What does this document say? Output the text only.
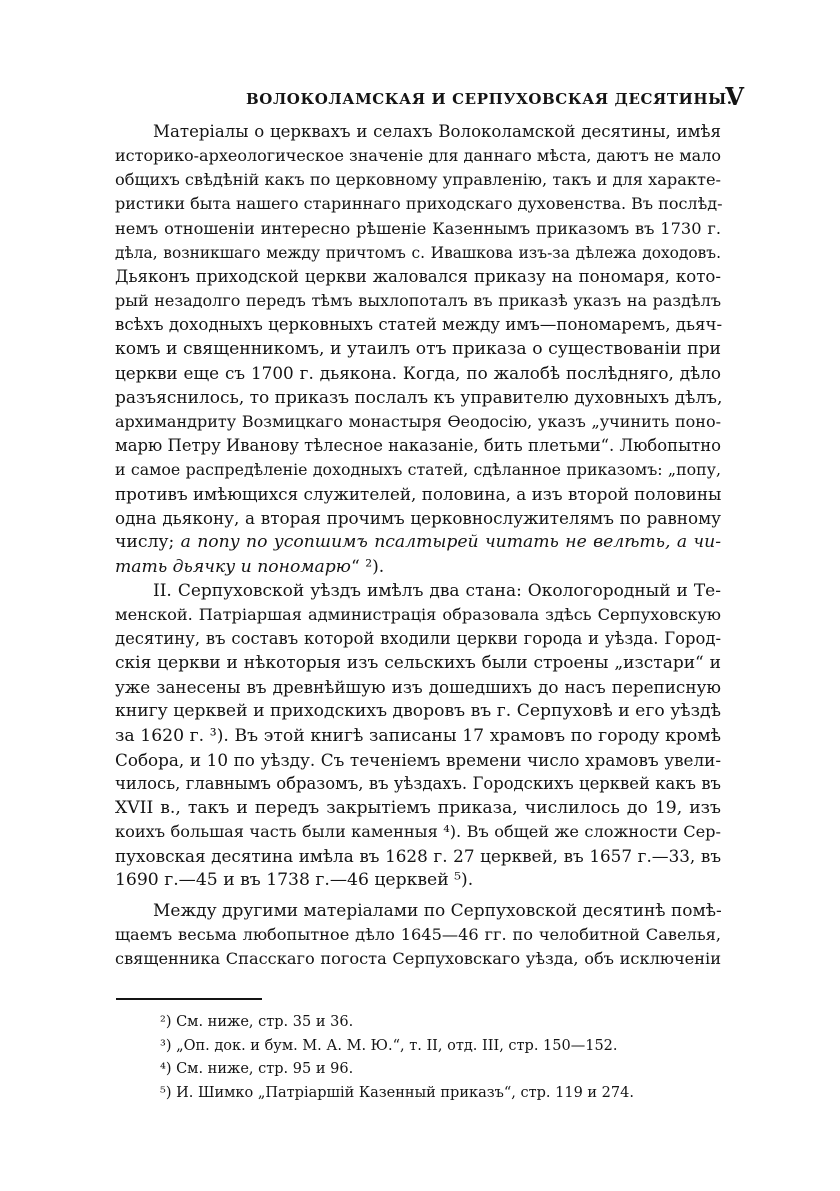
ВОЛОКОЛАМСКАЯ И СЕРПУХОВСКАЯ ДЕСЯТИНЫ.
V
Матеріалы о церквахъ и селахъ Волоколамской десятины, имѣя
историко-археологическое значеніе для даннаго мѣста, даютъ не мало
общихъ свѣдѣній какъ по церковному управленію, такъ и для характе-
ристики быта нашего стариннаго приходскаго духовенства. Въ послѣд-
немъ отношеніи интересно рѣшеніе Казеннымъ приказомъ въ 1730 г.
дѣла, возникшаго между причтомъ с. Ивашкова изъ-за дѣлежа доходовъ.
Дьяконъ приходской церкви жаловался приказу на пономаря, кото-
рый незадолго передъ тѣмъ выхлопоталъ въ приказѣ указъ на раздѣлъ
всѣхъ доходныхъ церковныхъ статей между имъ—пономаремъ, дьяч-
комъ и священникомъ, и утаилъ отъ приказа о существованіи при
церкви еще съ 1700 г. дьякона. Когда, по жалобѣ послѣдняго, дѣло
разъяснилось, то приказъ послалъ къ управителю духовныхъ дѣлъ,
архимандриту Возмицкаго монастыря Ѳеодосію, указъ „учинить поно-
марю Петру Иванову тѣлесное наказаніе, бить плетьми“. Любопытно
и самое распредѣленіе доходныхъ статей, сдѣланное приказомъ: „попу,
противъ имѣющихся служителей, половина, а изъ второй половины
одна дьякону, а вторая прочимъ церковнослужителямъ по равному
числу; а попу по усопшимъ псалтырей читать не велѣть, а чи-
тать дьячку и пономарю“ ²).
II. Серпуховской уѣздъ имѣлъ два стана: Окологородный и Те-
менской. Патріаршая администрація образовала здѣсь Серпуховскую
десятину, въ составъ которой входили церкви города и уѣзда. Город-
скія церкви и нѣкоторыя изъ сельскихъ были строены „изстари“ и
уже занесены въ древнѣйшую изъ дошедшихъ до насъ переписную
книгу церквей и приходскихъ дворовъ въ г. Серпуховѣ и его уѣздѣ
за 1620 г. ³). Въ этой книгѣ записаны 17 храмовъ по городу кромѣ
Собора, и 10 по уѣзду. Съ теченіемъ времени число храмовъ увели-
чилось, главнымъ образомъ, въ уѣздахъ. Городскихъ церквей какъ въ
XVII в., такъ и передъ закрытіемъ приказа, числилось до 19, изъ
коихъ большая часть были каменныя ⁴). Въ общей же сложности Сер-
пуховская десятина имѣла въ 1628 г. 27 церквей, въ 1657 г.—33, въ
1690 г.—45 и въ 1738 г.—46 церквей ⁵).
Между другими матеріалами по Серпуховской десятинѣ помѣ-
щаемъ весьма любопытное дѣло 1645—46 гг. по челобитной Савелья,
священника Спасскаго погоста Серпуховскаго уѣзда, объ исключеніи
²) См. ниже, стр. 35 и 36.
³) „Оп. док. и бум. М. А. М. Ю.“, т. II, отд. III, стр. 150—152.
⁴) См. ниже, стр. 95 и 96.
⁵) И. Шимко „Патріаршій Казенный приказъ“, стр. 119 и 274.
